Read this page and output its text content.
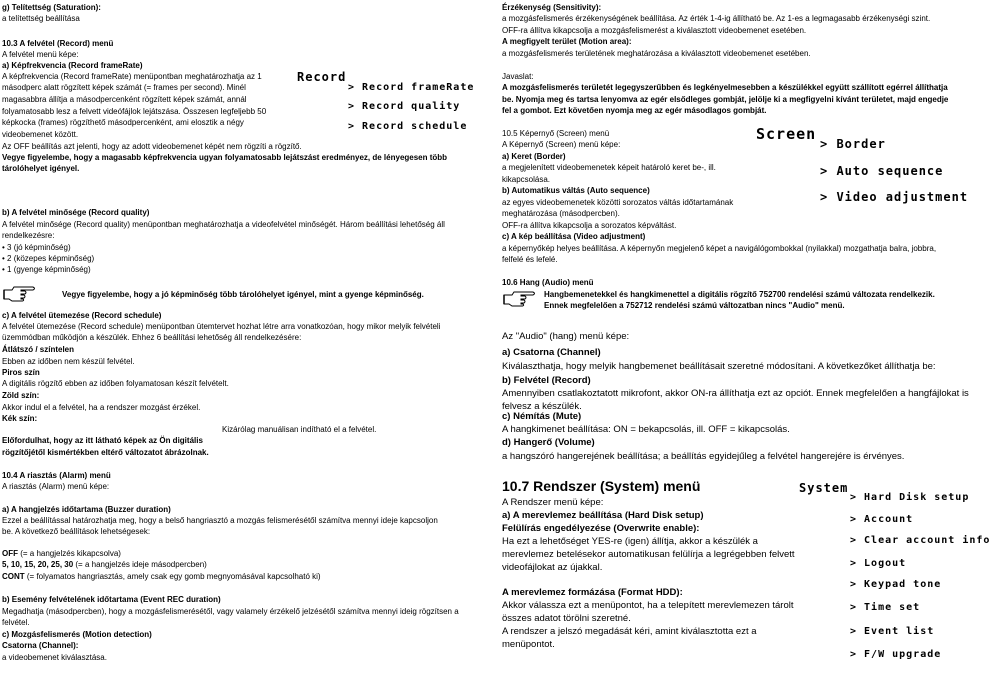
g) Telítettség (Saturation):
a telítettség beállítása
10.3 A felvétel (Record) menü
A felvétel menü képe:
a) Képfrekvencia (Record frameRate)
A képfrekvencia (Record frameRate) menüpontban meghatározhatja az 1
másodperc alatt rögzített képek számát (= frames per second). Minél
magasabbra állítja a másodpercenként rögzített képek számát, annál
folyamatosabb lesz a felvett videófájlok lejátszása. Összesen legfeljebb 50
képkocka (frames) rögzíthető másodpercenként, ami elosztik a négy
videobemenet között.
Az OFF beállítás azt jelenti, hogy az adott videobemenet képét nem rögzíti a rögzítő.
Vegye figyelembe, hogy a magasabb képfrekvencia ugyan folyamatosabb lejátszást eredményez, de lényegesen több
tárolóhelyet igényel.
Record
> Record frameRate
> Record quality
> Record schedule
b) A felvétel minősége (Record quality)
A felvétel minősége (Record quality) menüpontban meghatározhatja a videofelvétel minőségét. Három beállítási lehetőség áll
rendelkezésre:
• 3 (jó képminőség)
• 2 (közepes képminőség)
• 1 (gyenge képminőség)
Vegye figyelembe, hogy a jó képminőség több tárolóhelyet igényel, mint a gyenge képminőség.
c) A felvétel ütemezése (Record schedule)
A felvétel ütemezése (Record schedule) menüpontban ütemtervet hozhat létre arra vonatkozóan, hogy mikor melyik felvételi
üzemmódban működjön a készülék. Ehhez 6 beállítási lehetőség áll rendelkezésére:
Átlátszó / színtelen
Ebben az időben nem készül felvétel.
Piros szín
A digitális rögzítő ebben az időben folyamatosan készít felvételt.
Zöld szín:
Akkor indul el a felvétel, ha a rendszer mozgást érzékel.
Kék szín:
Kizárólag manuálisan indítható el a felvétel.
Előfordulhat, hogy az itt látható képek az Ön digitális
rögzítőjétől kismértékben eltérő változatot ábrázolnak.
10.4 A riasztás (Alarm) menü
A riasztás (Alarm) menü képe:
a) A hangjelzés időtartama (Buzzer duration)
Ezzel a beállítással határozhatja meg, hogy a belső hangriasztó a mozgás felismerésétől számítva mennyi ideje kapcsoljon
be. A következő beállítások lehetségesek:
OFF (= a hangjelzés kikapcsolva)
5, 10, 15, 20, 25, 30 (= a hangjelzés ideje másodpercben)
CONT (= folyamatos hangriasztás, amely csak egy gomb megnyomásával kapcsolható ki)
b) Esemény felvételének időtartama (Event REC duration)
Megadhatja (másodpercben), hogy a mozgásfelismerésétől, vagy valamely érzékelő jelzésétől számítva mennyi ideig rögzítsen a
felvétel.
c) Mozgásfelismerés (Motion detection)
Csatorna (Channel):
a videobemenet kiválasztása.
Érzékenység (Sensitivity):
a mozgásfelismerés érzékenységének beállítása. Az érték 1-4-ig állítható be. Az 1-es a legmagasabb érzékenységi szint.
OFF-ra állítva kikapcsolja a mozgásfelismerést a kiválasztott videobemenet esetében.
A megfigyelt terület (Motion area):
a mozgásfelismerés területének meghatározása a kiválasztott videobemenet esetében.
Javaslat:
A mozgásfelismerés területét legegyszerűbben és legkényelmesebben a készülékkel együtt szállított egérrel állíthatja
be. Nyomja meg és tartsa lenyomva az egér elsődleges gombját, jelölje ki a megfigyelni kívánt területet, majd engedje
fel a gombot. Ezt követően nyomja meg az egér másodlagos gombját.
10.5 Képernyő (Screen) menü
A Képernyő (Screen) menü képe:
a) Keret (Border)
a megjelenített videobemenetek képeit határoló keret be-, ill.
kikapcsolása.
b) Automatikus váltás (Auto sequence)
az egyes videobemenetek közötti sorozatos váltás időtartamának
meghatározása (másodpercben).
OFF-ra állítva kikapcsolja a sorozatos képváltást.
c) A kép beállítása (Video adjustment)
a képernyőkép helyes beállítása. A képernyőn megjelenő képet a navigálógombokkal (nyilakkal) mozgathatja balra, jobbra,
felfelé és lefelé.
Screen
> Border
> Auto sequence
> Video adjustment
10.6 Hang (Audio) menü
Hangbemenetekkel és hangkimenettel a digitális rögzítő 752700 rendelési számú változata rendelkezik.
Ennek megfelelően a 752712 rendelési számú változatban nincs "Audio" menü.
Az "Audio" (hang) menü képe:
a) Csatorna (Channel)
Kiválaszthatja, hogy melyik hangbemenet beállításait szeretné módosítani. A következőket állíthatja be:
b) Felvétel (Record)
Amennyiben csatlakoztatott mikrofont, akkor ON-ra állíthatja ezt az opciót. Ennek megfelelően a hangfájlokat is
felvesz a készülék.
c) Némítás (Mute)
A hangkimenet beállítása: ON = bekapcsolás, ill. OFF = kikapcsolás.
d) Hangerő (Volume)
a hangszóró hangerejének beállítása; a beállítás egyidejűleg a felvétel hangerejére is érvényes.
10.7 Rendszer (System) menü
A Rendszer menü képe:
a) A merevlemez beállítása (Hard Disk setup)
Felülírás engedélyezése (Overwrite enable):
Ha ezt a lehetőséget YES-re (igen) állítja, akkor a készülék a
merevlemez betelésekor automatikusan felülírja a legrégebben felvett
videofájlokat az újakkal.
A merevlemez formázása (Format HDD):
Akkor válassza ezt a menüpontot, ha a telepített merevlemezen tárolt
összes adatot törölni szeretné.
A rendszer a jelszó megadását kéri, amint kiválasztotta ezt a
menüpontot.
System
> Hard Disk setup
> Account
> Clear account info
> Logout
> Keypad tone
> Time set
> Event list
> F/W upgrade
